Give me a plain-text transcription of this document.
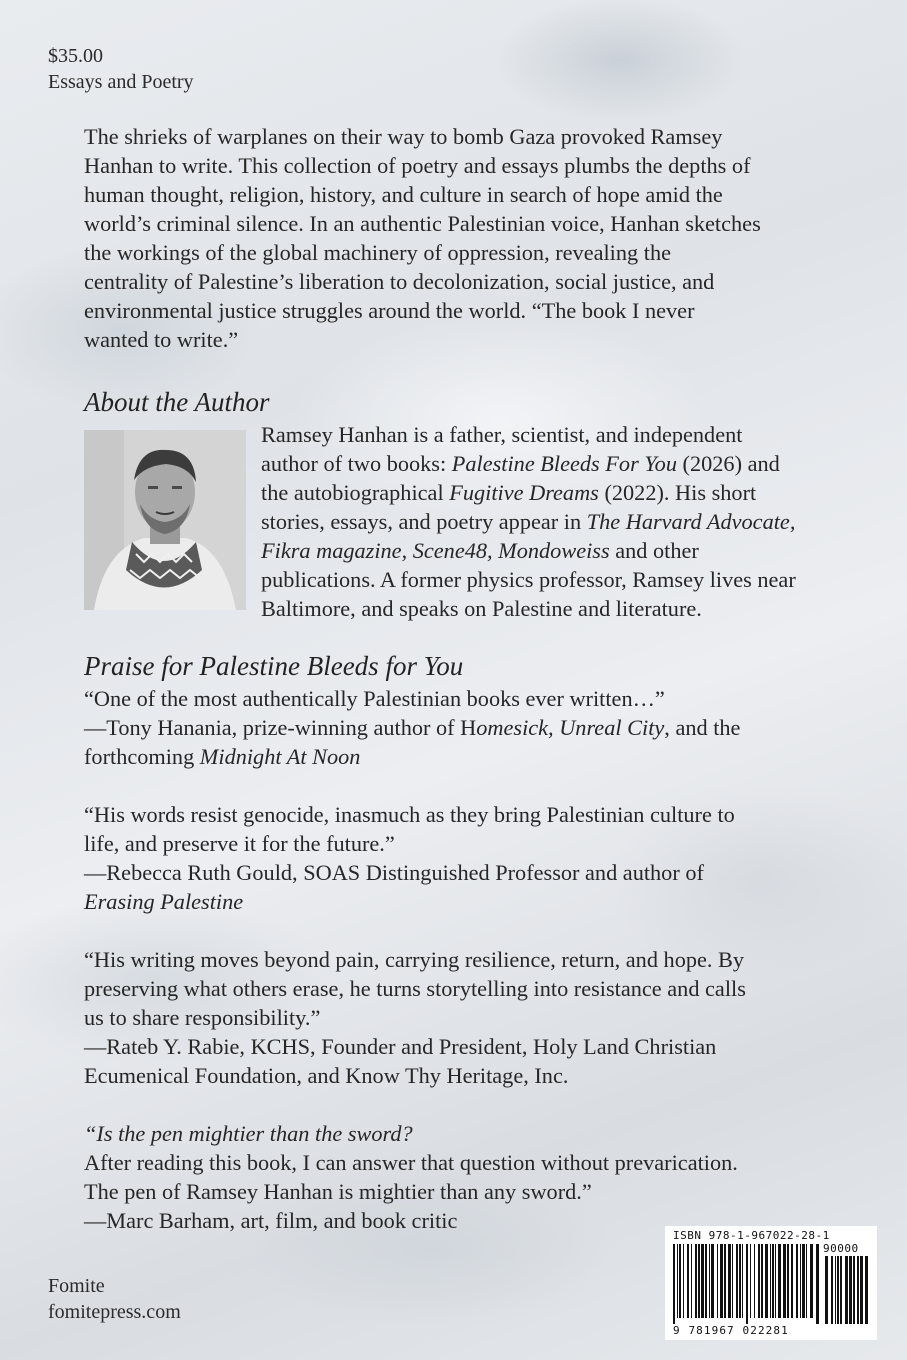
$35.00
Essays and Poetry
The shrieks of warplanes on their way to bomb Gaza provoked Ramsey
Hanhan to write. This collection of poetry and essays plumbs the depths of
human thought, religion, history, and culture in search of hope amid the
world’s criminal silence. In an authentic Palestinian voice, Hanhan sketches
the workings of the global machinery of oppression, revealing the
centrality of Palestine’s liberation to decolonization, social justice, and
environmental justice struggles around the world. “The book I never
wanted to write.”
About the Author
Ramsey Hanhan is a father, scientist, and independent
author of two books: Palestine Bleeds For You (2026) and
the autobiographical Fugitive Dreams (2022). His short
stories, essays, and poetry appear in The Harvard Advocate,
Fikra magazine, Scene48, Mondoweiss and other
publications. A former physics professor, Ramsey lives near
Baltimore, and speaks on Palestine and literature.
Praise for Palestine Bleeds for You
“One of the most authentically Palestinian books ever written…”
—Tony Hanania, prize-winning author of Homesick, Unreal City, and the
forthcoming Midnight At Noon
“His words resist genocide, inasmuch as they bring Palestinian culture to
life, and preserve it for the future.”
—Rebecca Ruth Gould, SOAS Distinguished Professor and author of
Erasing Palestine
“His writing moves beyond pain, carrying resilience, return, and hope. By
preserving what others erase, he turns storytelling into resistance and calls
us to share responsibility.”
—Rateb Y. Rabie, KCHS, Founder and President, Holy Land Christian
Ecumenical Foundation, and Know Thy Heritage, Inc.
“Is the pen mightier than the sword?
After reading this book, I can answer that question without prevarication.
The pen of Ramsey Hanhan is mightier than any sword.”
—Marc Barham, art, film, and book critic
Fomite
fomitepress.com
ISBN 978-1-967022-28-1
90000
9 781967 022281
